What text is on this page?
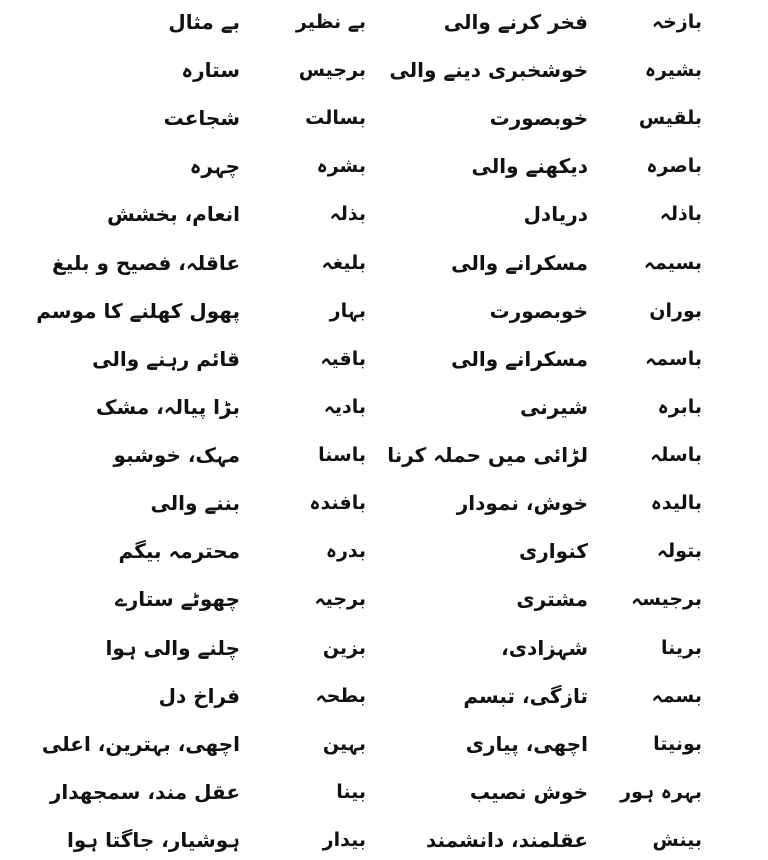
بازخہ
فخر کرنے والی
بے نظیر
بے مثال
بشیرہ
خوشخبری دینے والی
برجیس
ستارہ
بلقیس
خوبصورت
بسالت
شجاعت
باصرہ
دیکھنے والی
بشرہ
چہرہ
باذلہ
دریادل
بذلہ
انعام، بخشش
بسیمہ
مسکرانے والی
بلیغہ
عاقلہ، فصیح و بلیغ
بوران
خوبصورت
بہار
پھول کھلنے کا موسم
باسمہ
مسکرانے والی
باقیہ
قائم رہنے والی
بابرہ
شیرنی
بادیہ
بڑا پیالہ، مشک
باسلہ
لڑائی میں حملہ کرنا
باسنا
مہک، خوشبو
بالیدہ
خوش، نمودار
بافندہ
بننے والی
بتولہ
کنواری
بدرہ
محترمہ بیگم
برجیسہ
مشتری
برجیہ
چھوٹے ستارے
برینا
شہزادی،
بزین
چلنے والی ہوا
بسمہ
تازگی، تبسم
بطحہ
فراخ دل
بونیتا
اچھی، پیاری
بہین
اچھی، بہترین، اعلی
بہرہ ہور
خوش نصیب
بینا
عقل مند، سمجھدار
بینش
عقلمند، دانشمند
بیدار
ہوشیار، جاگتا ہوا
